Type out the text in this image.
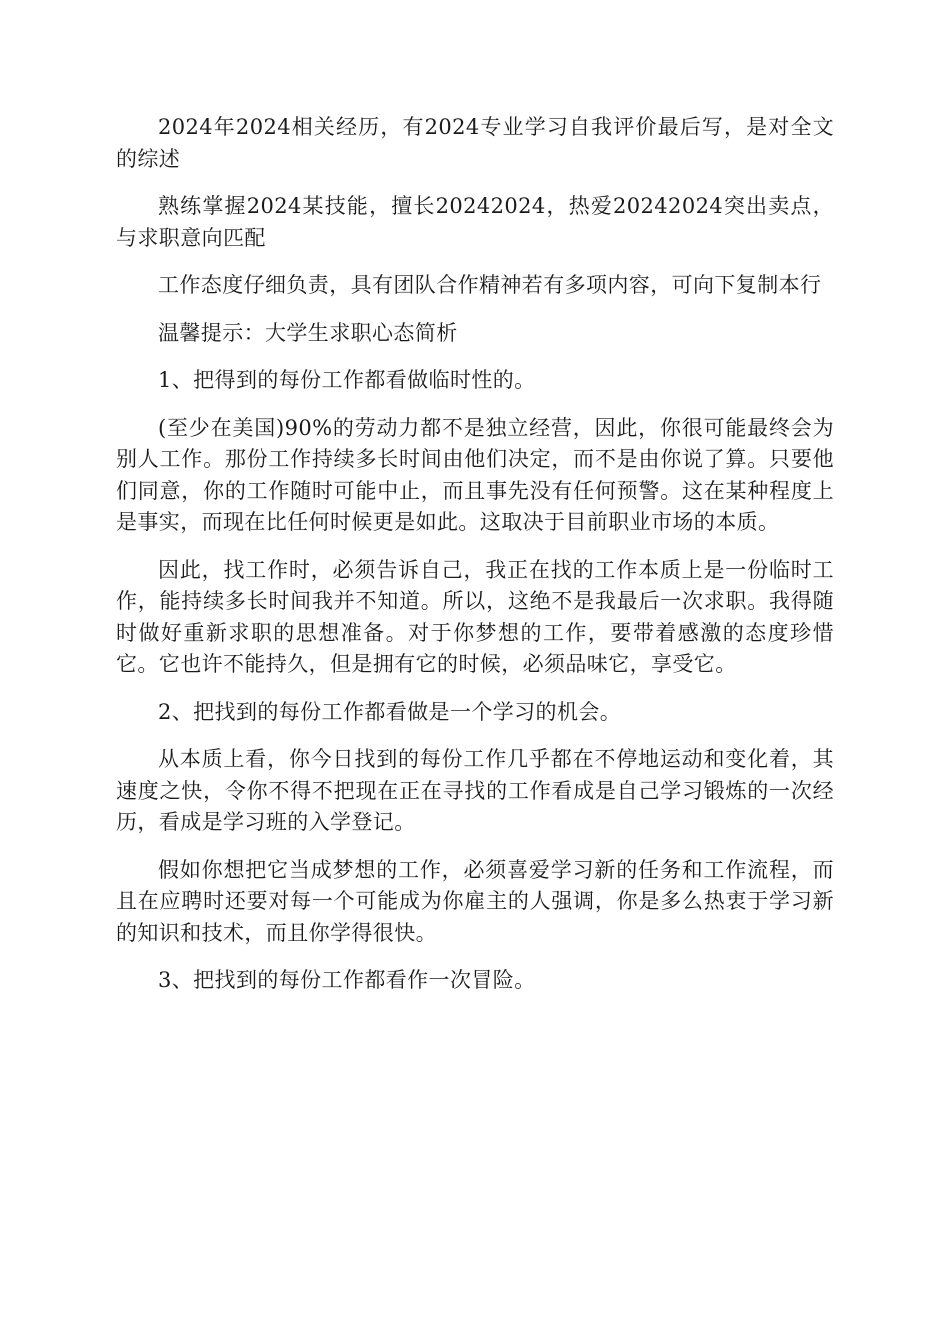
2024年2024相关经历，有2024专业学习自我评价最后写，是对全文的综述

熟练掌握2024某技能，擅长20242024，热爱20242024突出卖点，与求职意向匹配

工作态度仔细负责，具有团队合作精神若有多项内容，可向下复制本行

温馨提示：大学生求职心态简析

1、把得到的每份工作都看做临时性的。

(至少在美国)90%的劳动力都不是独立经营，因此，你很可能最终会为别人工作。那份工作持续多长时间由他们决定，而不是由你说了算。只要他们同意，你的工作随时可能中止，而且事先没有任何预警。这在某种程度上是事实，而现在比任何时候更是如此。这取决于目前职业市场的本质。

因此，找工作时，必须告诉自己，我正在找的工作本质上是一份临时工作，能持续多长时间我并不知道。所以，这绝不是我最后一次求职。我得随时做好重新求职的思想准备。对于你梦想的工作，要带着感激的态度珍惜它。它也许不能持久，但是拥有它的时候，必须品味它，享受它。

2、把找到的每份工作都看做是一个学习的机会。

从本质上看，你今日找到的每份工作几乎都在不停地运动和变化着，其速度之快，令你不得不把现在正在寻找的工作看成是自己学习锻炼的一次经历，看成是学习班的入学登记。

假如你想把它当成梦想的工作，必须喜爱学习新的任务和工作流程，而且在应聘时还要对每一个可能成为你雇主的人强调，你是多么热衷于学习新的知识和技术，而且你学得很快。

3、把找到的每份工作都看作一次冒险。
